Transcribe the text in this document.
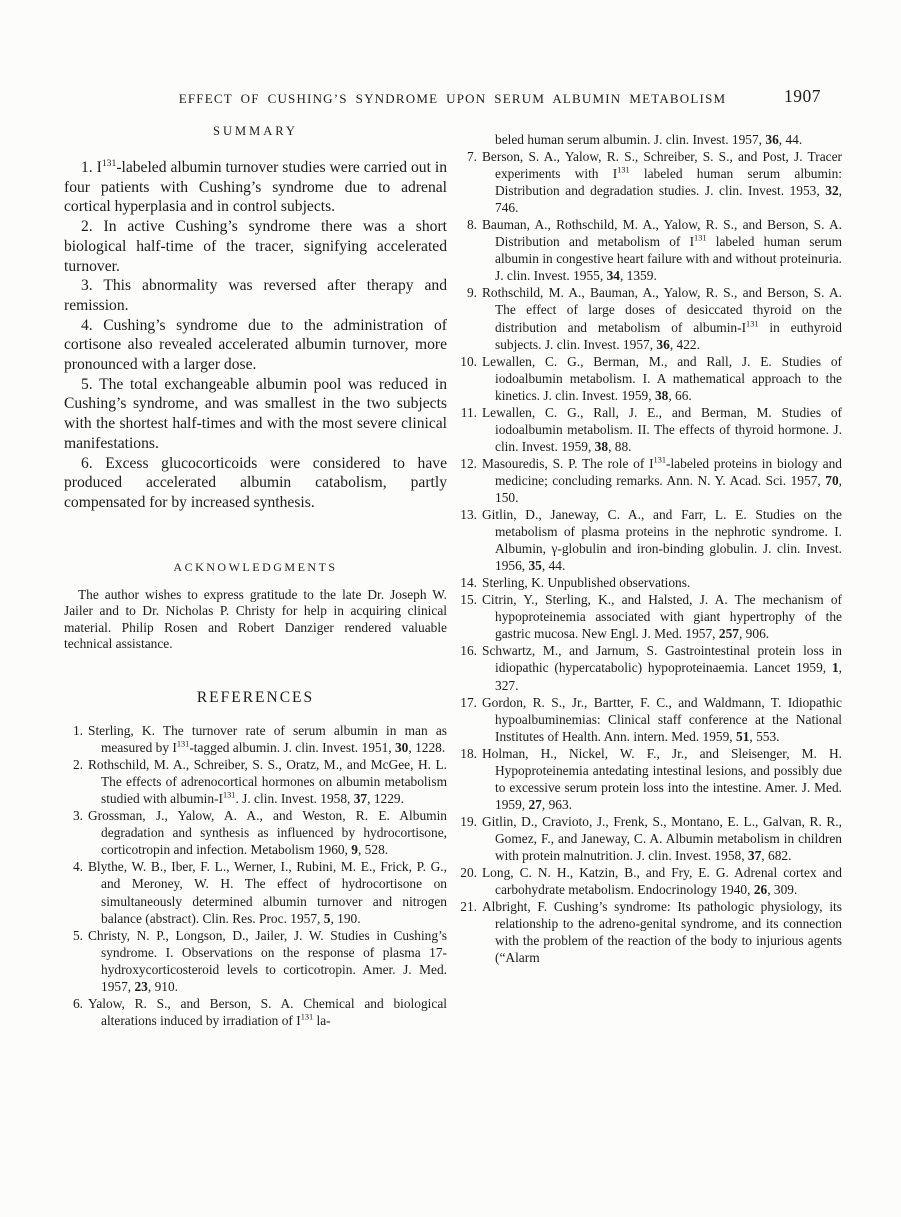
EFFECT OF CUSHING’S SYNDROME UPON SERUM ALBUMIN METABOLISM	1907
SUMMARY

1. $I^{131}$-labeled albumin turnover studies were carried out in four patients with Cushing’s syndrome due to adrenal cortical hyperplasia and in control subjects.

2. In active Cushing’s syndrome there was a short biological half-time of the tracer, signifying accelerated turnover.

3. This abnormality was reversed after therapy and remission.

4. Cushing’s syndrome due to the administration of cortisone also revealed accelerated albumin turnover, more pronounced with a larger dose.

5. The total exchangeable albumin pool was reduced in Cushing’s syndrome, and was smallest in the two subjects with the shortest half-times and with the most severe clinical manifestations.

6. Excess glucocorticoids were considered to have produced accelerated albumin catabolism, partly compensated for by increased synthesis.

ACKNOWLEDGMENTS

The author wishes to express gratitude to the late Dr. Joseph W. Jailer and to Dr. Nicholas P. Christy for help in acquiring clinical material. Philip Rosen and Robert Danziger rendered valuable technical assistance.

REFERENCES

1. Sterling, K. The turnover rate of serum albumin in man as measured by $I^{131}$-tagged albumin. J. clin. Invest. 1951, 30, 1228.

2. Rothschild, M. A., Schreiber, S. S., Oratz, M., and McGee, H. L. The effects of adrenocortical hormones on albumin metabolism studied with albumin-$I^{131}$. J. clin. Invest. 1958, 37, 1229.

3. Grossman, J., Yalow, A. A., and Weston, R. E. Albumin degradation and synthesis as influenced by hydrocortisone, corticotropin and infection. Metabolism 1960, 9, 528.

4. Blythe, W. B., Iber, F. L., Werner, I., Rubini, M. E., Frick, P. G., and Meroney, W. H. The effect of hydrocortisone on simultaneously determined albumin turnover and nitrogen balance (abstract). Clin. Res. Proc. 1957, 5, 190.

5. Christy, N. P., Longson, D., Jailer, J. W. Studies in Cushing’s syndrome. I. Observations on the response of plasma 17-hydroxycorticosteroid levels to corticotropin. Amer. J. Med. 1957, 23, 910.

6. Yalow, R. S., and Berson, S. A. Chemical and biological alterations induced by irradiation of $I^{131}$ la-

beled human serum albumin. J. clin. Invest. 1957, 36, 44.

7. Berson, S. A., Yalow, R. S., Schreiber, S. S., and Post, J. Tracer experiments with $I^{131}$ labeled human serum albumin: Distribution and degradation studies. J. clin. Invest. 1953, 32, 746.

8. Bauman, A., Rothschild, M. A., Yalow, R. S., and Berson, S. A. Distribution and metabolism of $I^{131}$ labeled human serum albumin in congestive heart failure with and without proteinuria. J. clin. Invest. 1955, 34, 1359.

9. Rothschild, M. A., Bauman, A., Yalow, R. S., and Berson, S. A. The effect of large doses of desiccated thyroid on the distribution and metabolism of albumin-$I^{131}$ in euthyroid subjects. J. clin. Invest. 1957, 36, 422.

10. Lewallen, C. G., Berman, M., and Rall, J. E. Studies of iodoalbumin metabolism. I. A mathematical approach to the kinetics. J. clin. Invest. 1959, 38, 66.

11. Lewallen, C. G., Rall, J. E., and Berman, M. Studies of iodoalbumin metabolism. II. The effects of thyroid hormone. J. clin. Invest. 1959, 38, 88.

12. Masouredis, S. P. The role of $I^{131}$-labeled proteins in biology and medicine; concluding remarks. Ann. N. Y. Acad. Sci. 1957, 70, 150.

13. Gitlin, D., Janeway, C. A., and Farr, L. E. Studies on the metabolism of plasma proteins in the nephrotic syndrome. I. Albumin, γ-globulin and iron-binding globulin. J. clin. Invest. 1956, 35, 44.

14. Sterling, K. Unpublished observations.

15. Citrin, Y., Sterling, K., and Halsted, J. A. The mechanism of hypoproteinemia associated with giant hypertrophy of the gastric mucosa. New Engl. J. Med. 1957, 257, 906.

16. Schwartz, M., and Jarnum, S. Gastrointestinal protein loss in idiopathic (hypercatabolic) hypoproteinaemia. Lancet 1959, 1, 327.

17. Gordon, R. S., Jr., Bartter, F. C., and Waldmann, T. Idiopathic hypoalbuminemias: Clinical staff conference at the National Institutes of Health. Ann. intern. Med. 1959, 51, 553.

18. Holman, H., Nickel, W. F., Jr., and Sleisenger, M. H. Hypoproteinemia antedating intestinal lesions, and possibly due to excessive serum protein loss into the intestine. Amer. J. Med. 1959, 27, 963.

19. Gitlin, D., Cravioto, J., Frenk, S., Montano, E. L., Galvan, R. R., Gomez, F., and Janeway, C. A. Albumin metabolism in children with protein malnutrition. J. clin. Invest. 1958, 37, 682.

20. Long, C. N. H., Katzin, B., and Fry, E. G. Adrenal cortex and carbohydrate metabolism. Endocrinology 1940, 26, 309.

21. Albright, F. Cushing’s syndrome: Its pathologic physiology, its relationship to the adreno-genital syndrome, and its connection with the problem of the reaction of the body to injurious agents (“Alarm
